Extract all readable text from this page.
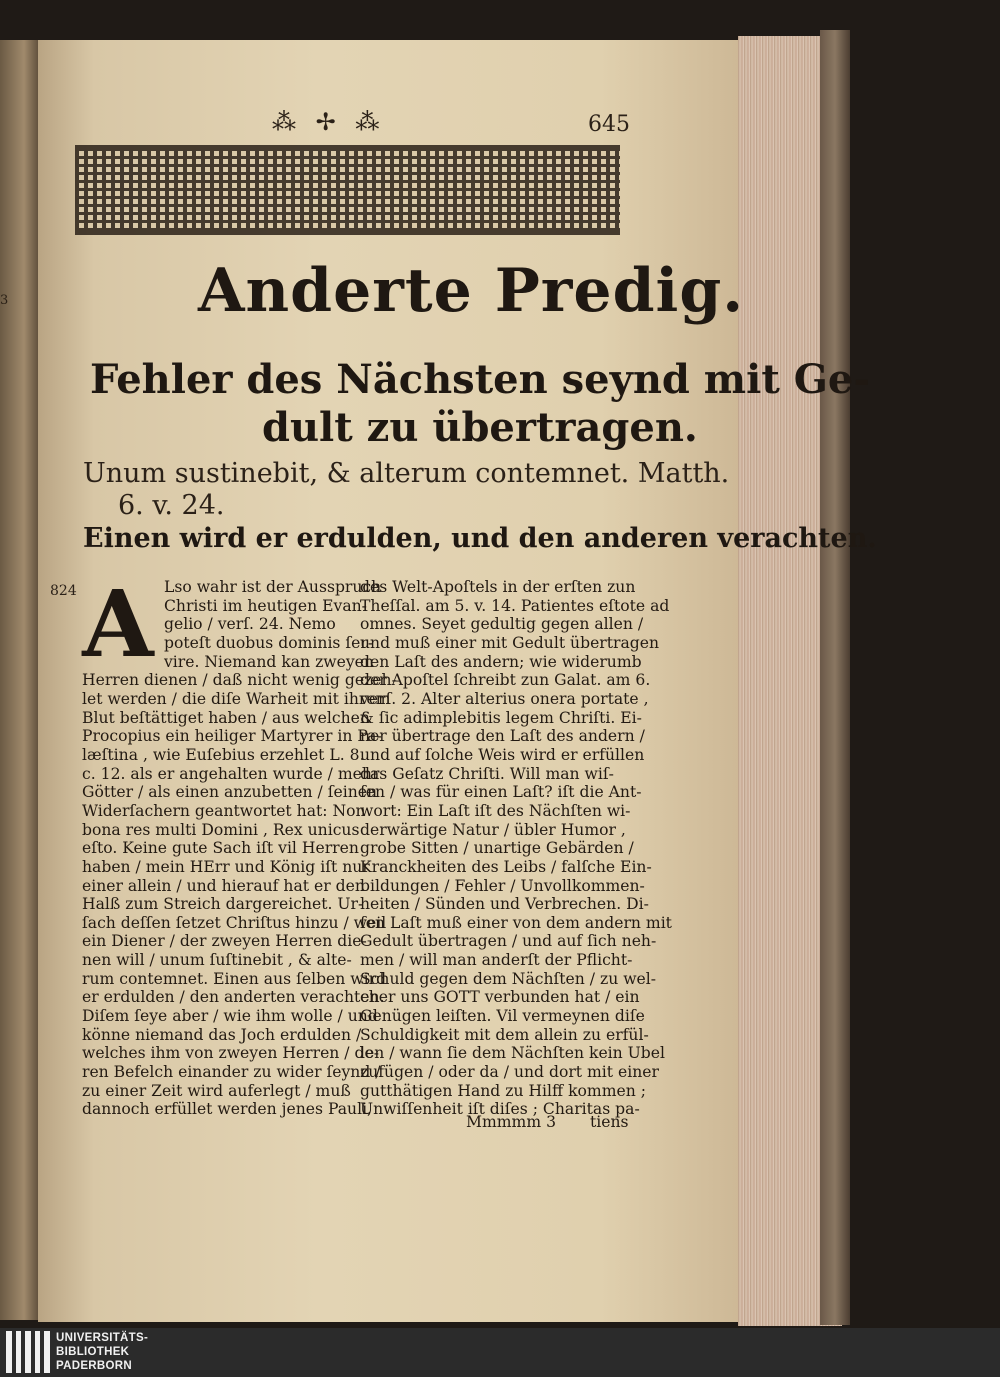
3
⁂ ✢ ⁂	645
Anderte Predig.
Fehler des Nächsten seynd mit Ge-
dult zu übertragen.
Unum sustinebit, & alterum contemnet. Matth.
6. v. 24.
Einen wird er erdulden, und den anderen verachten.
824 A Lso wahr ist der Ausspruch
Christi im heutigen Evan-
gelio / verſ. 24. Nemo
poteſt duobus dominis ſer-
vire. Niemand kan zweyen
Herren dienen / daß nicht wenig gezeh-
let werden / die diſe Warheit mit ihrem
Blut beſtättiget haben / aus welchen
Procopius ein heiliger Martyrer in Pa-
læſtina , wie Euſebius erzehlet L. 8.
c. 12. als er angehalten wurde / mehr
Götter / als einen anzubetten / ſeinen
Widerſachern geantwortet hat: Non
bona res multi Domini , Rex unicus
eſto. Keine gute Sach iſt vil Herren
haben / mein HErr und König iſt nur
einer allein / und hierauf hat er den
Halß zum Streich dargereichet. Ur-
ſach deſſen ſetzet Chriſtus hinzu / weil
ein Diener / der zweyen Herren die-
nen will / unum ſuſtinebit , & alte-
rum contemnet. Einen aus ſelben wird
er erdulden / den anderten verachten.
Diſem ſeye aber / wie ihm wolle / und
könne niemand das Joch erdulden /
welches ihm von zweyen Herren / de-
ren Befelch einander zu wider ſeynd /
zu einer Zeit wird auferlegt / muß
dannoch erfüllet werden jenes Pauli,
des Welt-Apoſtels in der erſten zun
Theſſal. am 5. v. 14. Patientes eſtote ad
omnes. Seyet gedultig gegen allen /
und muß einer mit Gedult übertragen
den Laſt des andern; wie widerumb
der Apoſtel ſchreibt zun Galat. am 6.
verſ. 2. Alter alterius onera portate ,
& ſic adimplebitis legem Chriſti. Ei-
ner übertrage den Laſt des andern /
und auf ſolche Weis wird er erfüllen
das Geſatz Chriſti. Will man wiſ-
ſen / was für einen Laſt? iſt die Ant-
wort: Ein Laſt iſt des Nächſten wi-
derwärtige Natur / übler Humor ,
grobe Sitten / unartige Gebärden /
Kranckheiten des Leibs / falſche Ein-
bildungen / Fehler / Unvollkommen-
heiten / Sünden und Verbrechen. Di-
ſen Laſt muß einer von dem andern mit
Gedult übertragen / und auf ſich neh-
men / will man anderſt der Pflicht-
Schuld gegen dem Nächſten / zu wel-
cher uns GOTT verbunden hat / ein
Genügen leiſten. Vil vermeynen diſe
Schuldigkeit mit dem allein zu erfül-
len / wann ſie dem Nächſten kein Ubel
zufügen / oder da / und dort mit einer
gutthätigen Hand zu Hilff kommen ;
Unwiſſenheit iſt diſes ; Charitas pa-
Mmmmm 3 tiens
UNIVERSITÄTS-
BIBLIOTHEK
PADERBORN
